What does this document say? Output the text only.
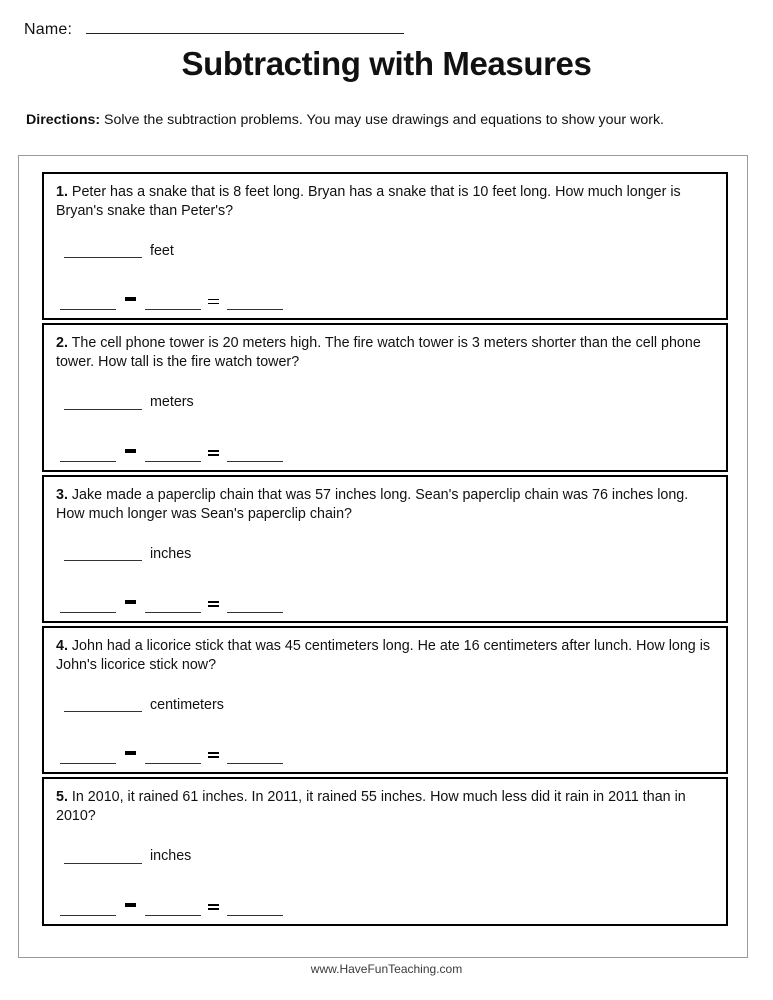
Name:
Subtracting with Measures
Directions: Solve the subtraction problems. You may use drawings and equations to show your work.

1. Peter has a snake that is 8 feet long. Bryan has a snake that is 10 feet long. How much longer is Bryan's snake than Peter's?

feet

2. The cell phone tower is 20 meters high. The fire watch tower is 3 meters shorter than the cell phone tower. How tall is the fire watch tower?

meters

3. Jake made a paperclip chain that was 57 inches long. Sean's paperclip chain was 76 inches long. How much longer was Sean's paperclip chain?

inches

4. John had a licorice stick that was 45 centimeters long. He ate 16 centimeters after lunch. How long is John's licorice stick now?

centimeters

5. In 2010, it rained 61 inches. In 2011, it rained 55 inches. How much less did it rain in 2011 than in 2010?

inches
www.HaveFunTeaching.com
